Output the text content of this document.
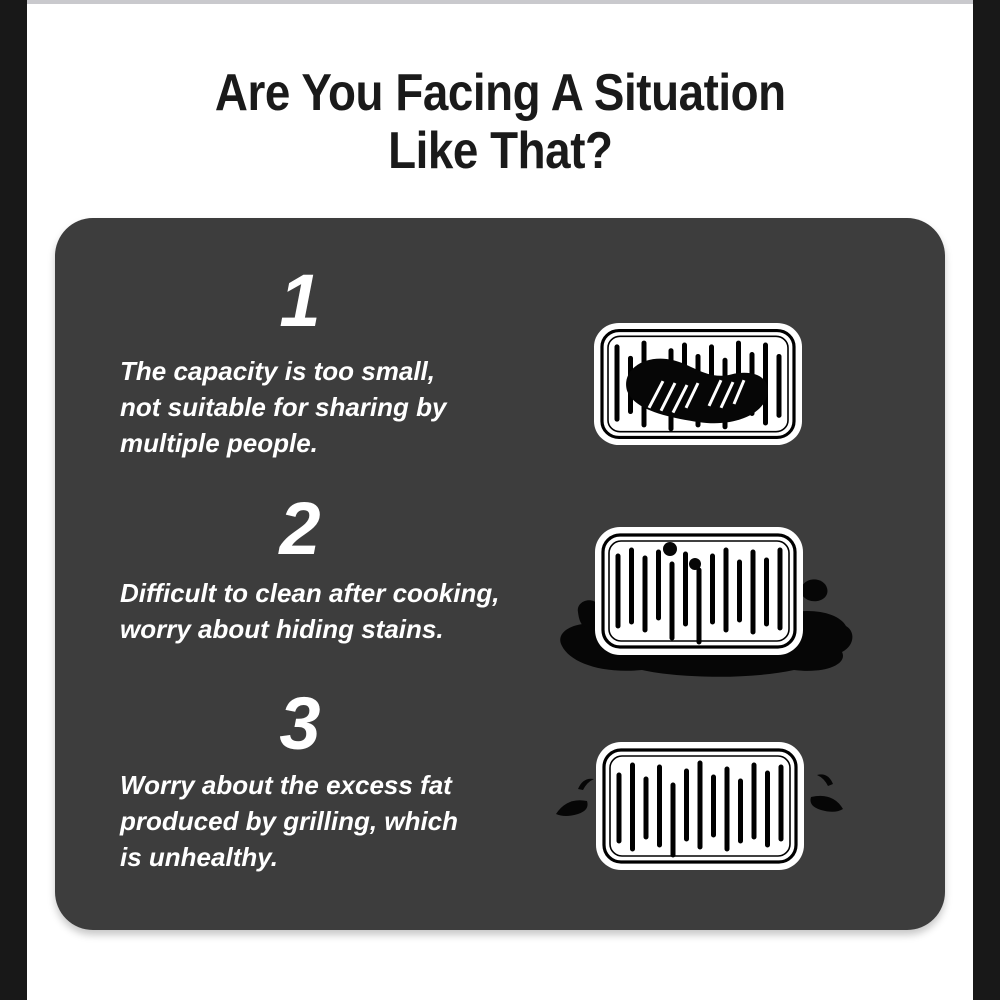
Are You Facing A Situation
Like That?
1
The capacity is too small,
not suitable for sharing by
multiple people.
2
Difficult to clean after cooking,
worry about hiding stains.
3
Worry about the excess fat
produced by grilling, which
is unhealthy.
